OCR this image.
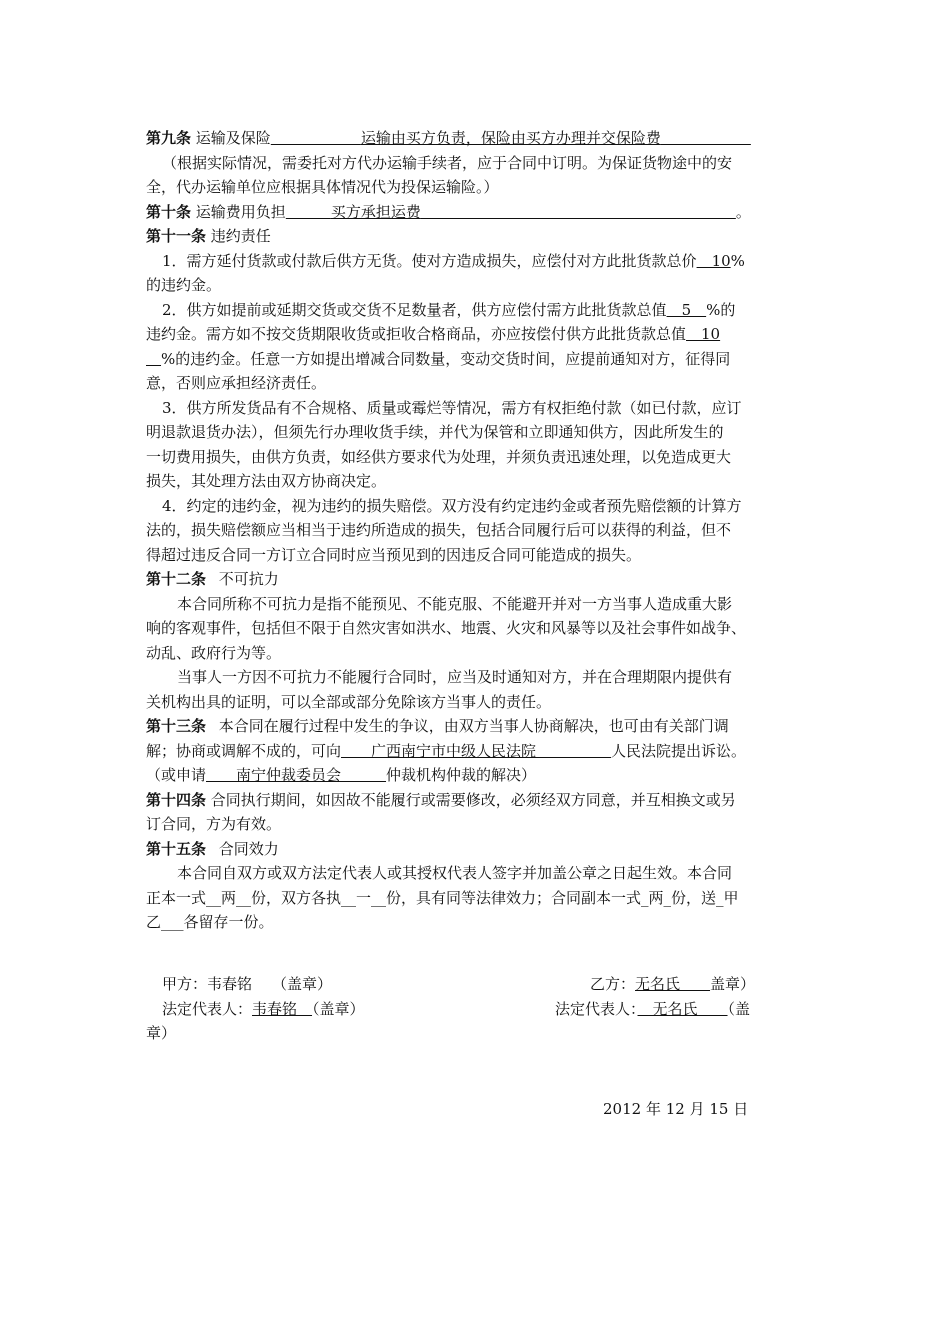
第九条 运输及保险　　　　　　	运输由买方负责，保险由买方办理并交保险费　　　　　　
（根据实际情况，需委托对方代办运输手续者，应于合同中订明。为保证货物途中的安
全，代办运输单位应根据具体情况代为投保运输险。）
第十条 运输费用负担　　　	买方承担运费　　　　　　　　　　　　　　　　　　　　　	。
第十一条 违约责任
1．需方延付货款或付款后供方无货。使对方造成损失，应偿付对方此批货款总价　10%
的违约金。
2．供方如提前或延期交货或交货不足数量者，供方应偿付需方此批货款总值　5　%的
违约金。需方如不按交货期限收货或拒收合格商品，亦应按偿付供方此批货款总值　10
　%的违约金。任意一方如提出增减合同数量，变动交货时间，应提前通知对方，征得同
意，否则应承担经济责任。
3．供方所发货品有不合规格、质量或霉烂等情况，需方有权拒绝付款（如已付款，应订
明退款退货办法），但须先行办理收货手续，并代为保管和立即通知供方，因此所发生的
一切费用损失，由供方负责，如经供方要求代为处理，并须负责迅速处理，以免造成更大
损失，其处理方法由双方协商决定。
4．约定的违约金，视为违约的损失赔偿。双方没有约定违约金或者预先赔偿额的计算方
法的，损失赔偿额应当相当于违约所造成的损失，包括合同履行后可以获得的利益，但不
得超过违反合同一方订立合同时应当预见到的因违反合同可能造成的损失。
第十二条 不可抗力
本合同所称不可抗力是指不能预见、不能克服、不能避开并对一方当事人造成重大影
响的客观事件，包括但不限于自然灾害如洪水、地震、火灾和风暴等以及社会事件如战争、
动乱、政府行为等。
当事人一方因不可抗力不能履行合同时，应当及时通知对方，并在合理期限内提供有
关机构出具的证明，可以全部或部分免除该方当事人的责任。
第十三条 本合同在履行过程中发生的争议，由双方当事人协商解决，也可由有关部门调
解；协商或调解不成的，可向　　广西南宁市中级人民法院　　　　　人民法院提出诉讼。
（或申请　　南宁仲裁委员会　　　仲裁机构仲裁的解决）
第十四条 合同执行期间，如因故不能履行或需要修改，必须经双方同意，并互相换文或另
订合同，方为有效。
第十五条 合同效力
本合同自双方或双方法定代表人或其授权代表人签字并加盖公章之日起生效。本合同
正本一式__两__份，双方各执__一__份，具有同等法律效力；合同副本一式_两_份，送_甲
乙___各留存一份。
甲方：韦春铭 （盖章）	乙方：无名氏　　盖章）
法定代表人：韦春铭　（盖章）	法定代表人：　无名氏　　（盖
章）
2012 年 12 月 15 日
